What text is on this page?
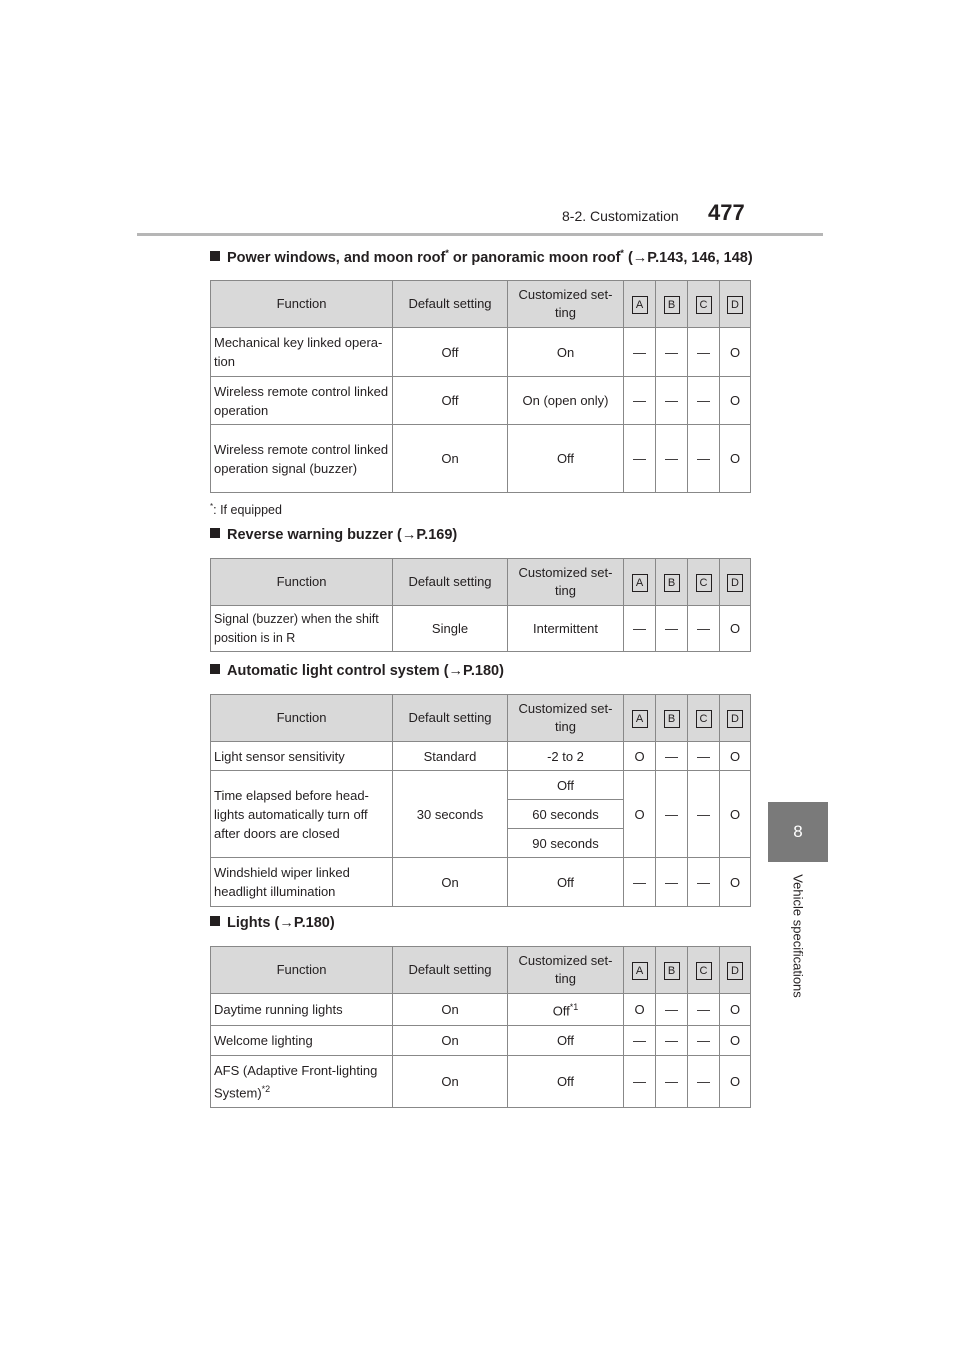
8-2. Customization 477
8
Vehicle specifications
Power windows, and moon roof* or panoramic moon roof* (→P.143, 146, 148)
Function	Default setting	Customized set-ting	A	B	C	D
Mechanical key linked opera-tion	Off	On	—	—	—	O
Wireless remote control linked operation	Off	On (open only)	—	—	—	O
Wireless remote control linked operation signal (buzzer)	On	Off	—	—	—	O
*: If equipped
Reverse warning buzzer (→P.169)
Function	Default setting	Customized set-ting	A	B	C	D
Signal (buzzer) when the shift position is in R	Single	Intermittent	—	—	—	O
Automatic light control system (→P.180)
Function	Default setting	Customized set-ting	A	B	C	D
Light sensor sensitivity	Standard	-2 to 2	O	—	—	O
Time elapsed before head-lights automatically turn off after doors are closed	30 seconds	Off	O	—	—	O
		60 seconds				
		90 seconds				
Windshield wiper linked headlight illumination	On	Off	—	—	—	O
Lights (→P.180)
Function	Default setting	Customized set-ting	A	B	C	D
Daytime running lights	On	Off$^{*1}$	O	—	—	O
Welcome lighting	On	Off	—	—	—	O
AFS (Adaptive Front-lighting System)$^{*2}$	On	Off	—	—	—	O
